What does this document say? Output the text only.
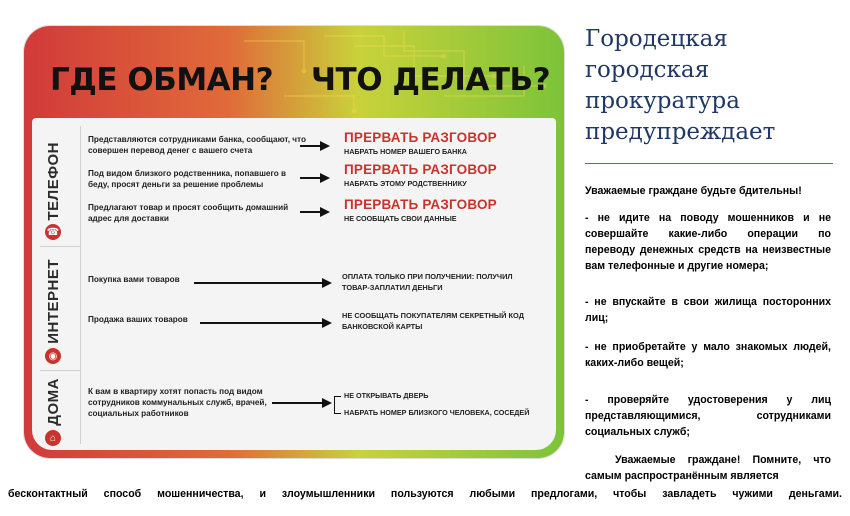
ГДЕ ОБМАН? ЧТО ДЕЛАТЬ?
ТЕЛЕФОН
☎
Представляются сотрудниками банка, сообщают, что совершен перевод денег с вашего счета
ПРЕРВАТЬ РАЗГОВОР
НАБРАТЬ НОМЕР ВАШЕГО БАНКА
Под видом близкого родственника, попавшего в беду, просят деньги за решение проблемы
ПРЕРВАТЬ РАЗГОВОР
НАБРАТЬ ЭТОМУ РОДСТВЕННИКУ
Предлагают товар и просят сообщить домашний адрес для доставки
ПРЕРВАТЬ РАЗГОВОР
НЕ СООБЩАТЬ СВОИ ДАННЫЕ
ИНТЕРНЕТ
◉
Покупка вами товаров	ОПЛАТА ТОЛЬКО ПРИ ПОЛУЧЕНИИ: ПОЛУЧИЛ ТОВАР-ЗАПЛАТИЛ ДЕНЬГИ
Продажа ваших товаров	НЕ СООБЩАТЬ ПОКУПАТЕЛЯМ СЕКРЕТНЫЙ КОД БАНКОВСКОЙ КАРТЫ
ДОМА
⌂
К вам в квартиру хотят попасть под видом сотрудников коммунальных служб, врачей, социальных работников
НЕ ОТКРЫВАТЬ ДВЕРЬ
НАБРАТЬ НОМЕР БЛИЗКОГО ЧЕЛОВЕКА, СОСЕДЕЙ
Городецкая городская прокуратура предупреждает
Уважаемые граждане будьте бдительны!
- не идите на поводу мошенников и не совершайте какие-либо операции по переводу денежных средств на неизвестные вам телефонные и другие номера;
- не впускайте в свои жилища посторонних лиц;
- не приобретайте у мало знакомых людей, каких-либо вещей;
- проверяйте удостоверения у лиц представляющимися, сотрудниками социальных служб;
Уважаемые граждане! Помните, что самым распространённым является
бесконтактный способ мошенничества, и злоумышленники пользуются любыми предлогами, чтобы завладеть чужими деньгами.
